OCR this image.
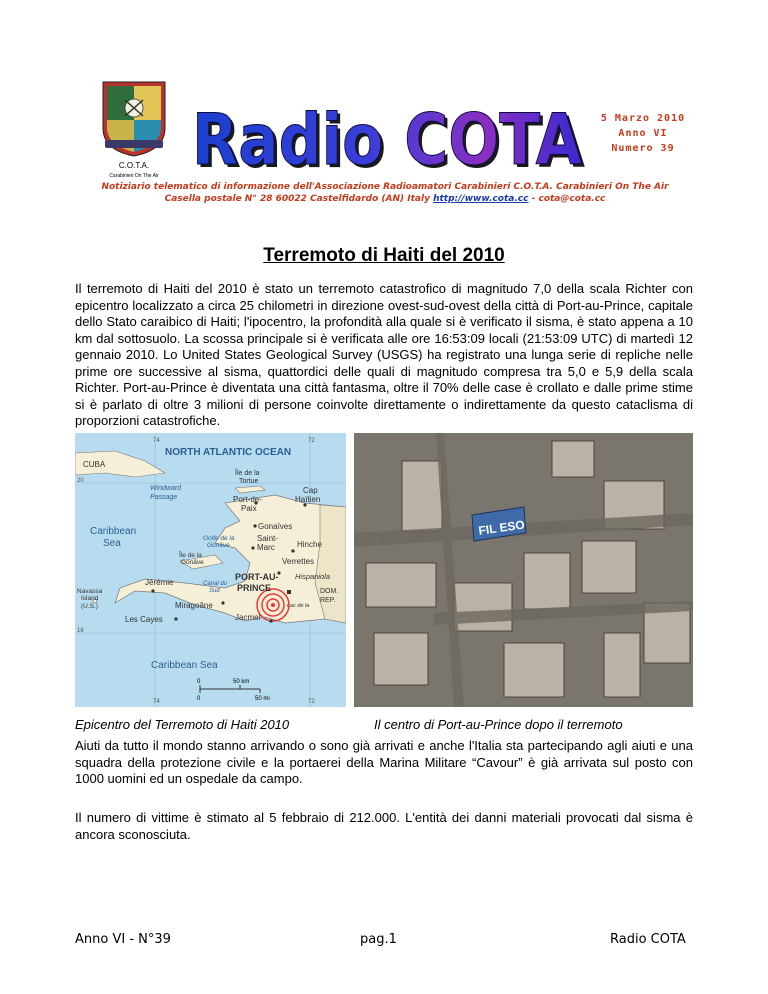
C.O.T.A.
Carabinieri On The Air Radio COTA
Radio COTA	5 Marzo 2010
Anno VI
Numero 39
Notiziario telematico di informazione dell'Associazione Radioamatori Carabinieri C.O.T.A. Carabinieri On The Air
Casella postale N° 28 60022 Castelfidardo (AN) Italy http://www.cota.cc - cota@cota.cc
Terremoto di Haiti del 2010
Il terremoto di Haiti del 2010 è stato un terremoto catastrofico di magnitudo 7,0 della scala Richter con epicentro localizzato a circa 25 chilometri in direzione ovest-sud-ovest della città di Port-au-Prince, capitale dello Stato caraibico di Haiti; l'ipocentro, la profondità alla quale si è verificato il sisma, è stato appena a 10 km dal sottosuolo. La scossa principale si è verificata alle ore 16:53:09 locali (21:53:09 UTC) di martedì 12 gennaio 2010. Lo United States Geological Survey (USGS) ha registrato una lunga serie di repliche nelle prime ore successive al sisma, quattordici delle quali di magnitudo compresa tra 5,0 e 5,9 della scala Richter. Port-au-Prince è diventata una città fantasma, oltre il 70% delle case è crollato e dalle prime stime si è parlato di oltre 3 milioni di persone coinvolte direttamente o indirettamente da questo cataclisma di proporzioni catastrofiche.
NORTH ATLANTIC OCEAN
CUBA
Windward
Passage
Caribbean
Sea
Île de la
Tortue
Port-de-
Paix
Cap
Haïtien
Gonaïves
Golfe de la
Gonâve
Saint-
Marc	Hinche
Île de la
Gonâve	Verrettes
Jérémie	Canal du
Sud
PORT-AU-
PRINCE
Hispaniola
DOM.
REP.
Navassa
Island
(U.S.)	Miragoâne
Les Cayes	Jacmel
Lac de la
Caribbean Sea
74	72
20
18
74	72
0	50 km
0	50 mi
FIL ESO
Epicentro del Terremoto di Haiti 2010	Il centro di Port-au-Prince dopo il terremoto
Aiuti da tutto il mondo stanno arrivando o sono già arrivati e anche l'Italia sta partecipando agli aiuti e una squadra della protezione civile e la portaerei della Marina Militare “Cavour” è già arrivata sul posto con 1000 uomini ed un ospedale da campo.
Il numero di vittime è stimato al 5 febbraio di 212.000. L'entità dei danni materiali provocati dal sisma è ancora sconosciuta.
Anno VI - N°39	pag.1	Radio COTA
